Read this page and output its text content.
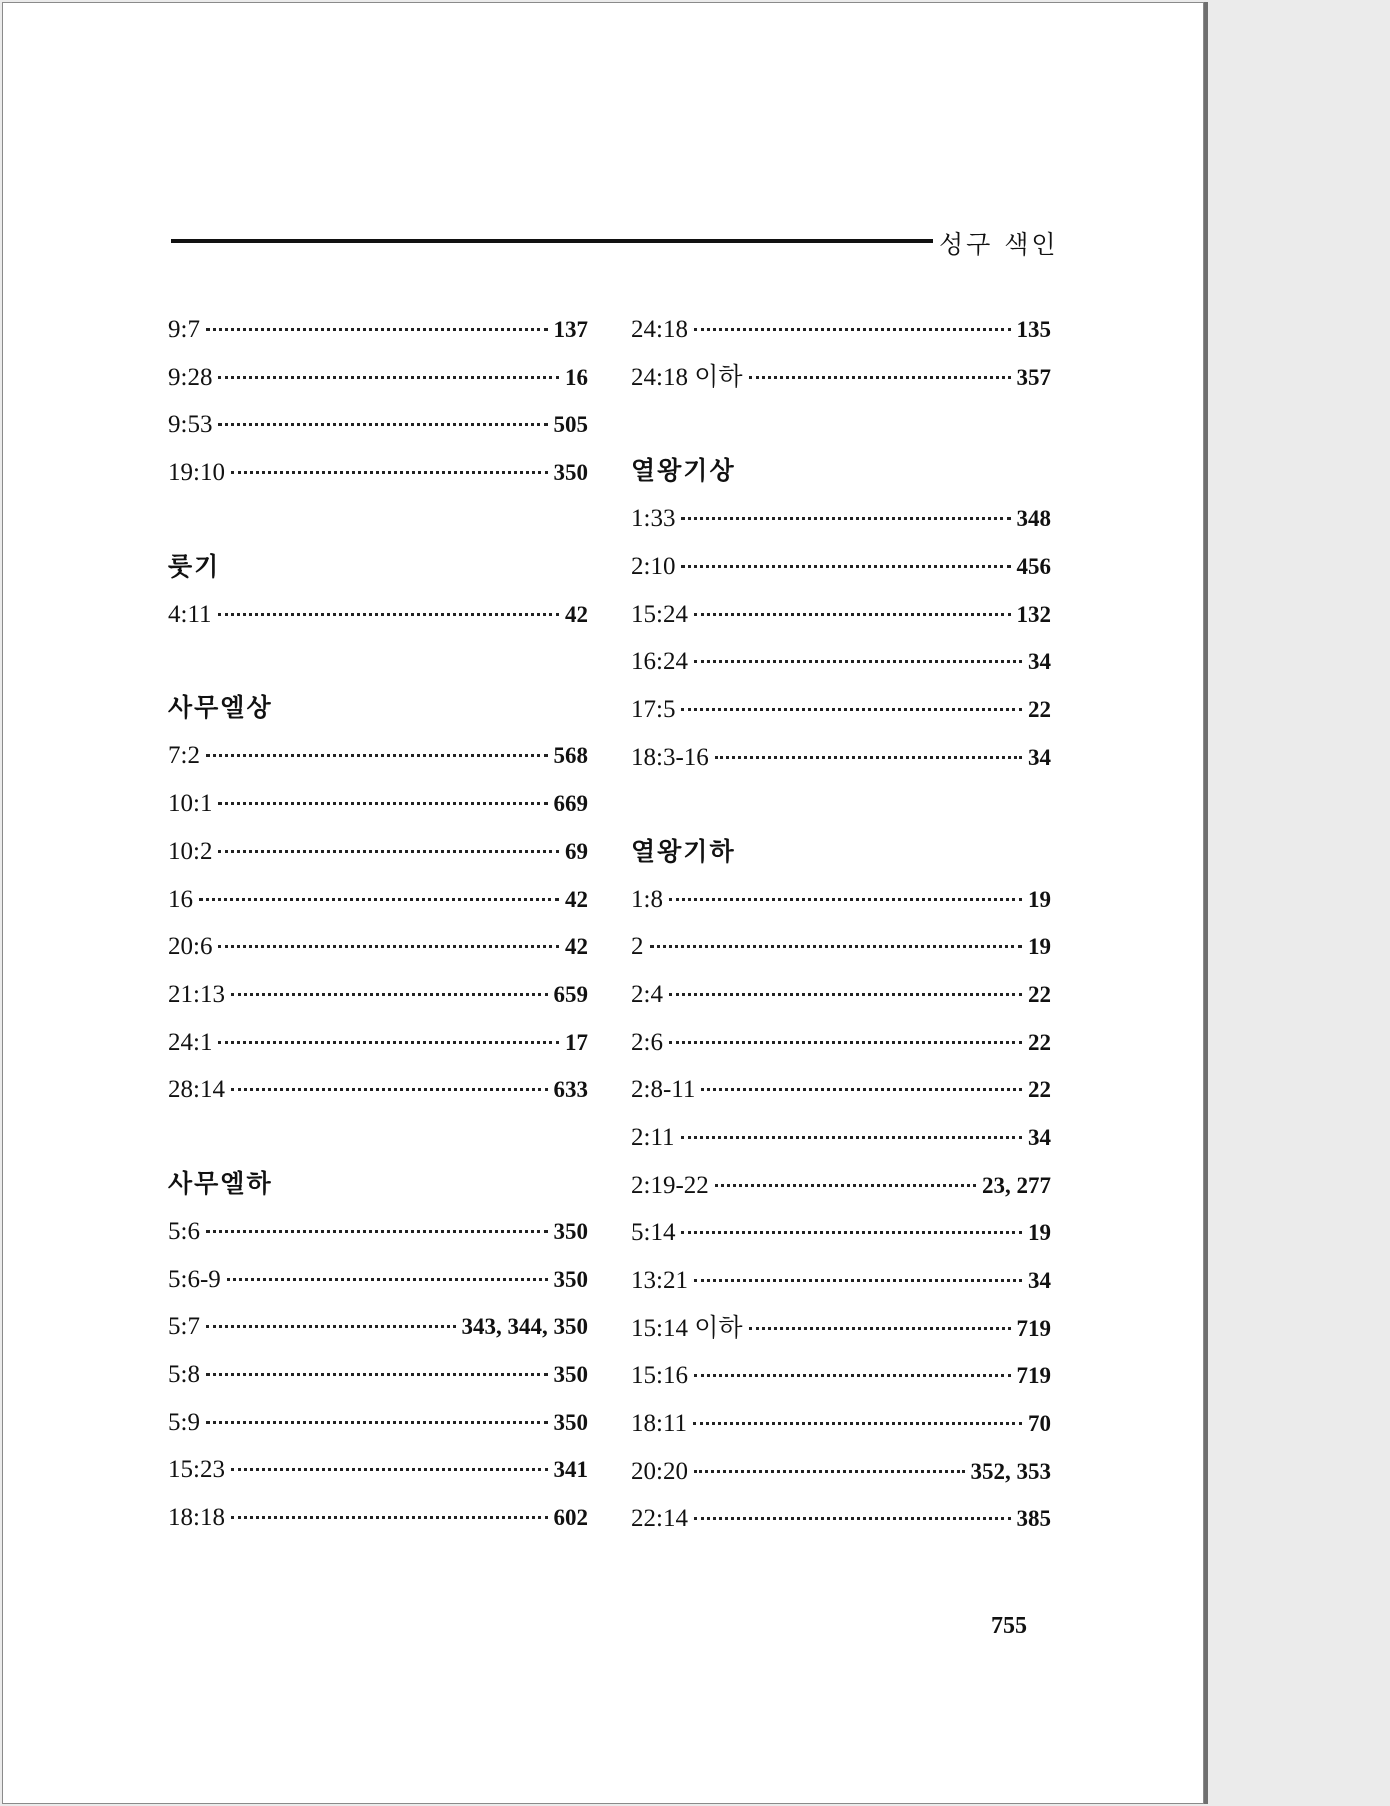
성구 색인
9:7	137
9:28	16
9:53	505
19:10	350
룻기
4:11	42
사무엘상
7:2	568
10:1	669
10:2	69
16	42
20:6	42
21:13	659
24:1	17
28:14	633
사무엘하
5:6	350
5:6-9	350
5:7	343, 344, 350
5:8	350
5:9	350
15:23	341
18:18	602
24:18	135
24:18 이하	357
열왕기상
1:33	348
2:10	456
15:24	132
16:24	34
17:5	22
18:3-16	34
열왕기하
1:8	19
2	19
2:4	22
2:6	22
2:8-11	22
2:11	34
2:19-22	23, 277
5:14	19
13:21	34
15:14 이하	719
15:16	719
18:11	70
20:20	352, 353
22:14	385
755
